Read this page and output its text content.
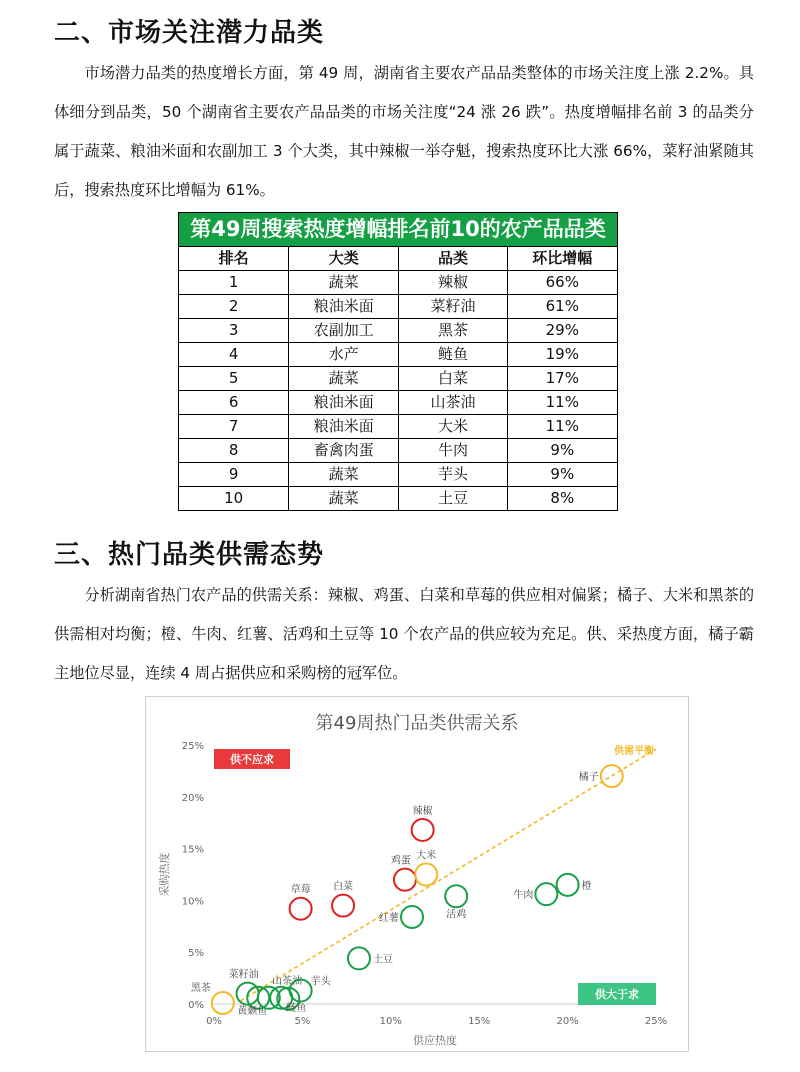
二、市场关注潜力品类

市场潜力品类的热度增长方面，第 49 周，湖南省主要农产品品类整体的市场关注度上涨 2.2%。具体细分到品类，50 个湖南省主要农产品品类的市场关注度“24 涨 26 跌”。热度增幅排名前 3 的品类分属于蔬菜、粮油米面和农副加工 3 个大类，其中辣椒一举夺魁，搜索热度环比大涨 66%，菜籽油紧随其后，搜索热度环比增幅为 61%。

第49周搜索热度增幅排名前10的农产品品类
排名	大类	品类	环比增幅
1	蔬菜	辣椒	66%
2	粮油米面	菜籽油	61%
3	农副加工	黑茶	29%
4	水产	鲢鱼	19%
5	蔬菜	白菜	17%
6	粮油米面	山茶油	11%
7	粮油米面	大米	11%
8	畜禽肉蛋	牛肉	9%
9	蔬菜	芋头	9%
10	蔬菜	土豆	8%
三、热门品类供需态势

分析湖南省热门农产品的供需关系：辣椒、鸡蛋、白菜和草莓的供应相对偏紧；橘子、大米和黑茶的供需相对均衡；橙、牛肉、红薯、活鸡和土豆等 10 个农产品的供应较为充足。供、采热度方面，橘子霸主地位尽显，连续 4 周占据供应和采购榜的冠军位。

第49周热门品类供需关系
0%	5%	10%	15%	20%	25%
0%
5%
10%
15%
20%
25%
供应热度
采购热度
供不应求
供大于求
供需平衡
辣椒
鸡蛋
白菜
草莓
橘子
大米
黑茶
橙
牛肉
活鸡
红薯
土豆
菜籽油
山茶油 芋头
黄颡鱼 鲢鱼
